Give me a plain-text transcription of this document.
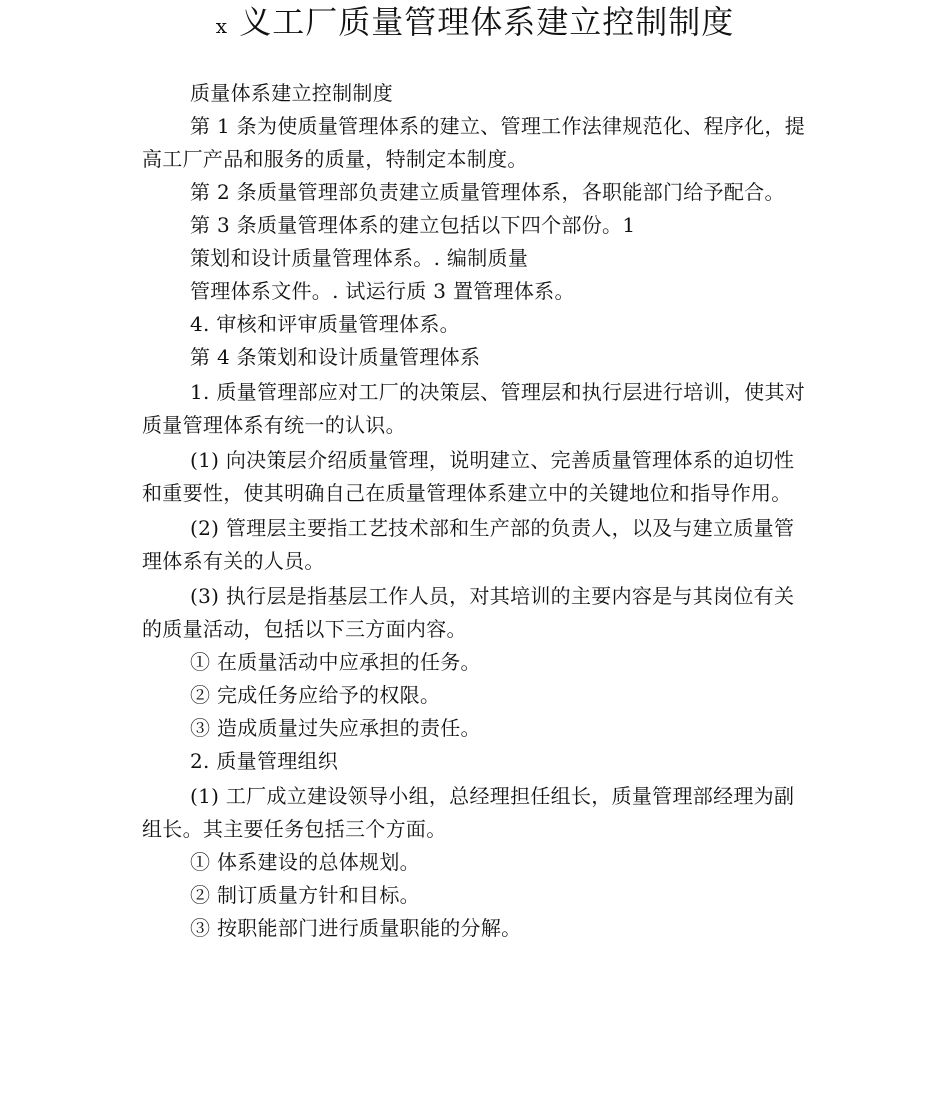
x 义工厂质量管理体系建立控制制度

质量体系建立控制制度

第 1 条为使质量管理体系的建立、管理工作法律规范化、程序化，提高工厂产品和服务的质量，特制定本制度。

第 2 条质量管理部负责建立质量管理体系，各职能部门给予配合。

第 3 条质量管理体系的建立包括以下四个部份。1

策划和设计质量管理体系。. 编制质量

管理体系文件。. 试运行质 3 置管理体系。

4. 审核和评审质量管理体系。

第 4 条策划和设计质量管理体系

1. 质量管理部应对工厂的决策层、管理层和执行层进行培训，使其对质量管理体系有统一的认识。

(1) 向决策层介绍质量管理，说明建立、完善质量管理体系的迫切性和重要性，使其明确自己在质量管理体系建立中的关键地位和指导作用。

(2) 管理层主要指工艺技术部和生产部的负责人，以及与建立质量管理体系有关的人员。

(3) 执行层是指基层工作人员，对其培训的主要内容是与其岗位有关的质量活动，包括以下三方面内容。

① 在质量活动中应承担的任务。

② 完成任务应给予的权限。

③ 造成质量过失应承担的责任。

2. 质量管理组织

(1) 工厂成立建设领导小组，总经理担任组长，质量管理部经理为副组长。其主要任务包括三个方面。

① 体系建设的总体规划。

② 制订质量方针和目标。

③ 按职能部门进行质量职能的分解。
